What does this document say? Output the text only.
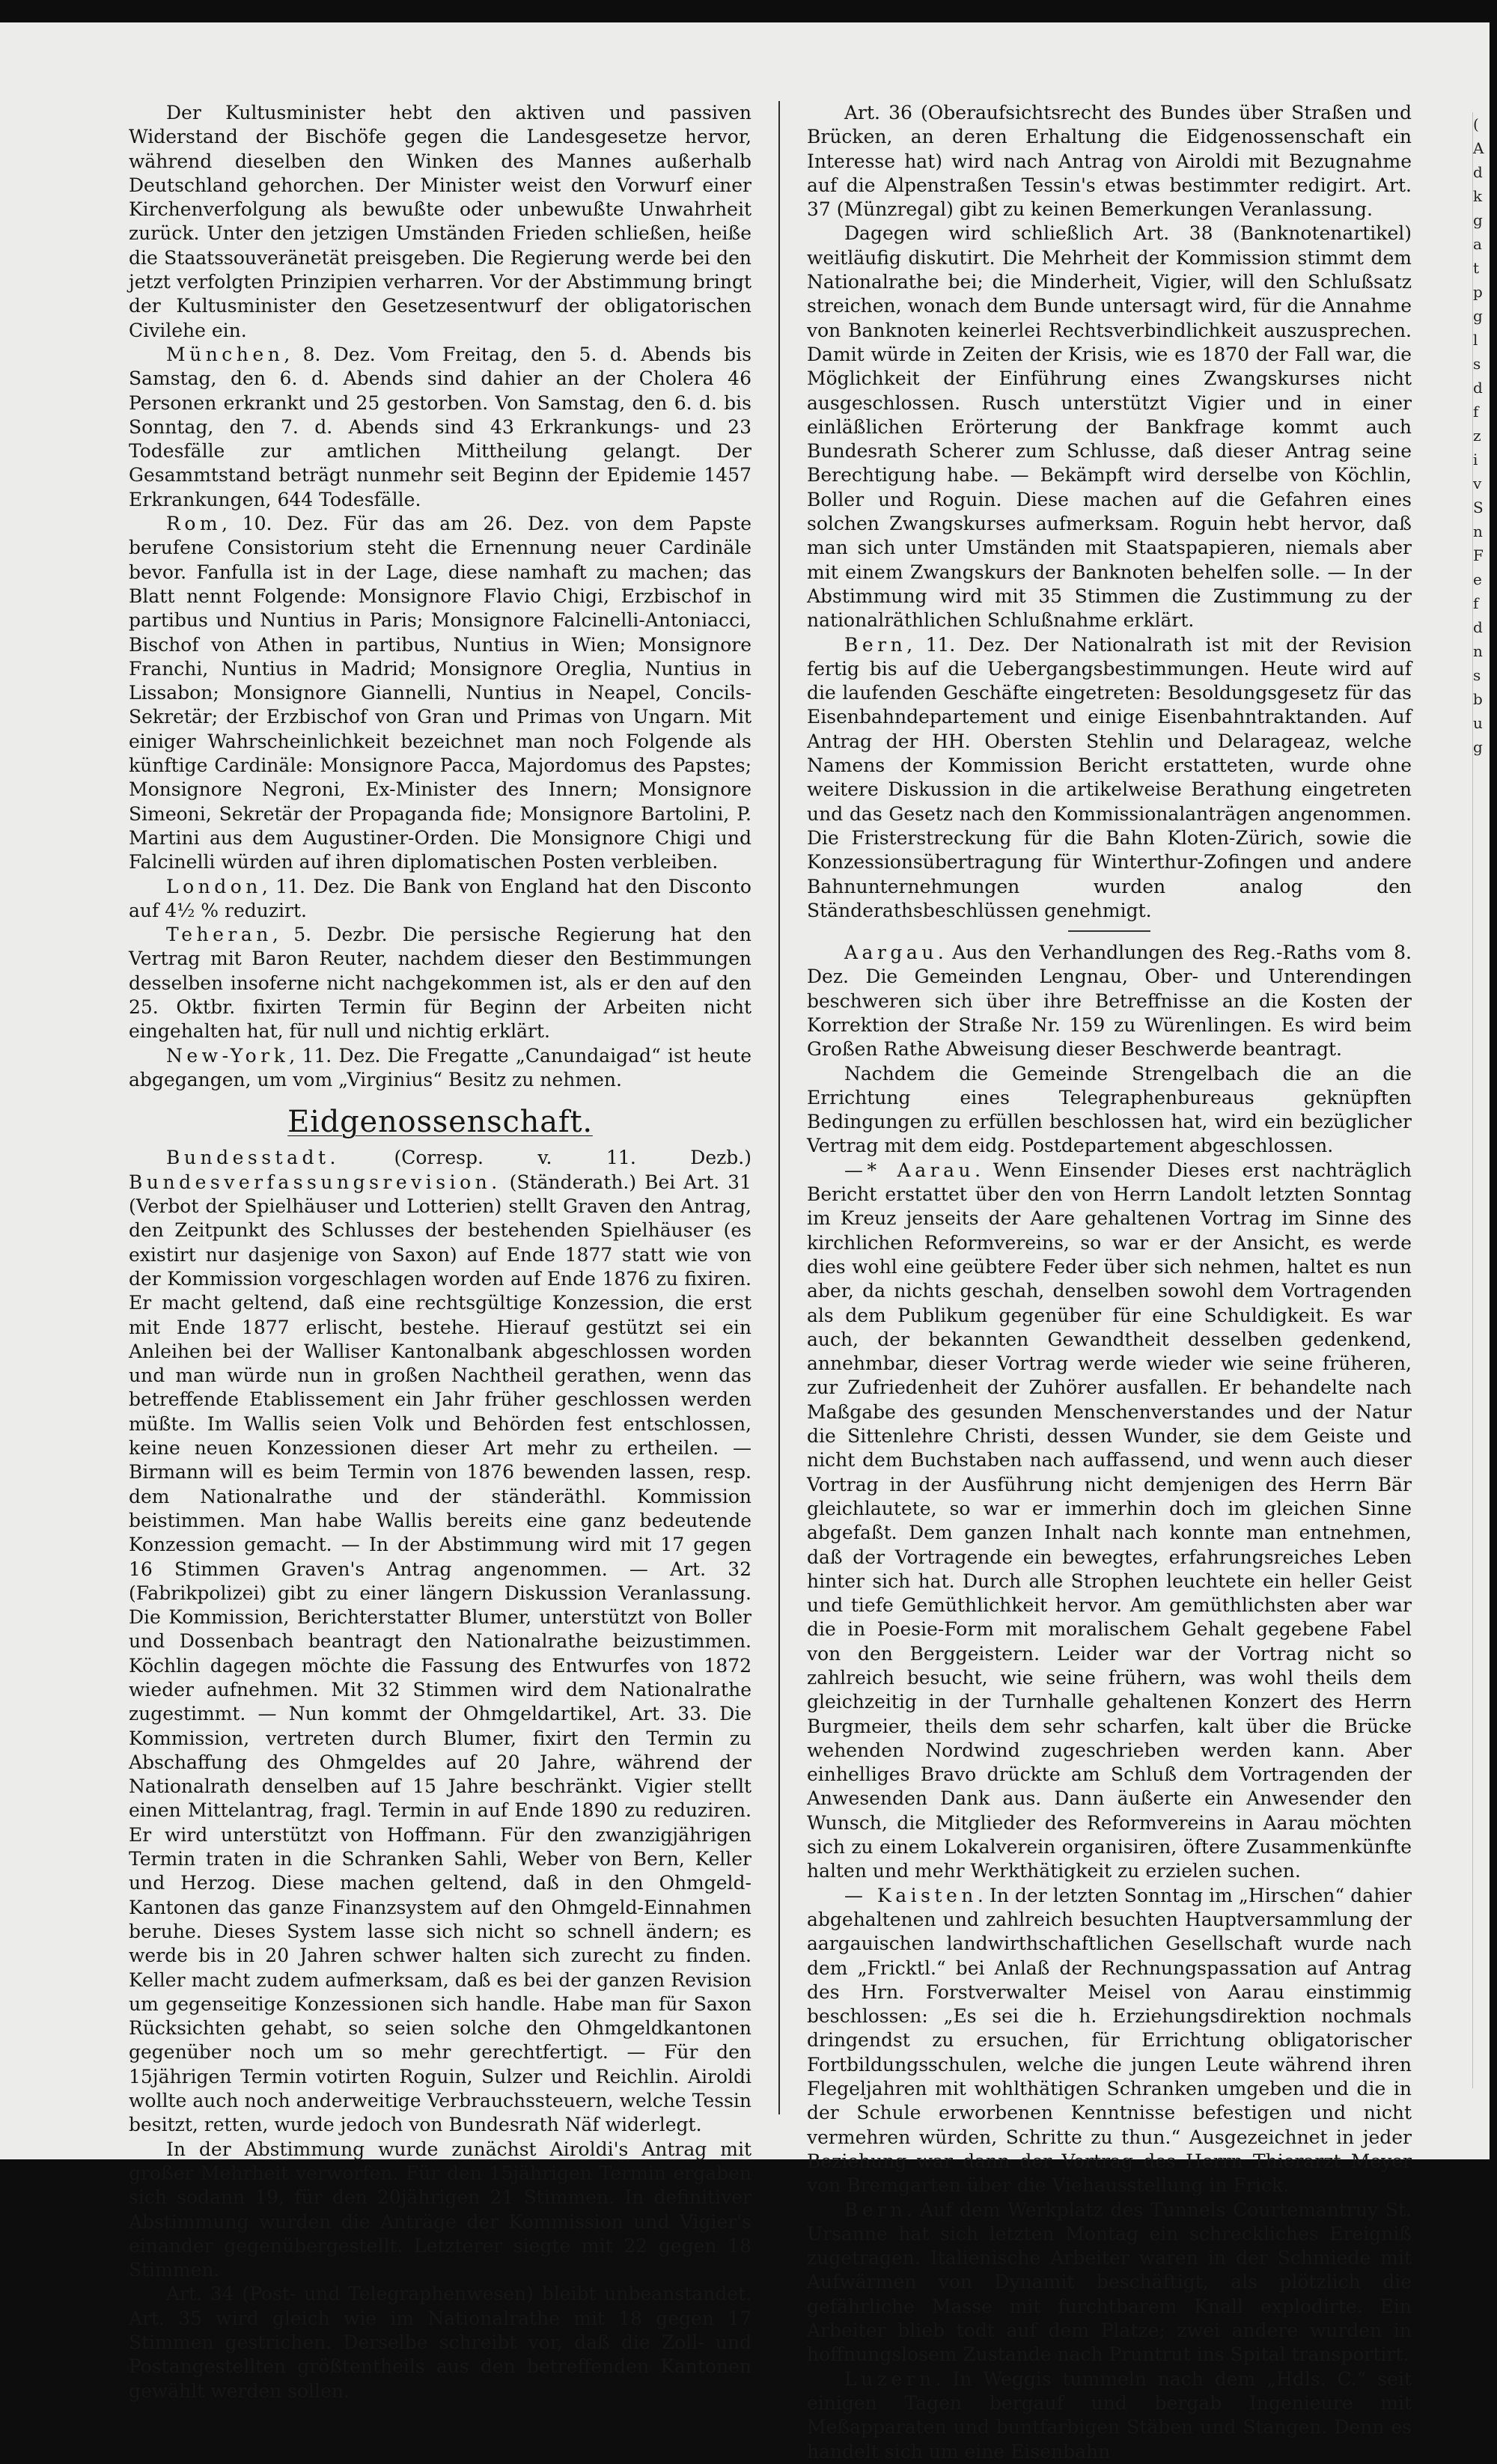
Der Kultusminister hebt den aktiven und passiven Widerstand der Bischöfe gegen die Landesgesetze hervor, während dieselben den Winken des Mannes außerhalb Deutschland gehorchen. Der Minister weist den Vorwurf einer Kirchenverfolgung als bewußte oder unbewußte Unwahrheit zurück. Unter den jetzigen Umständen Frieden schließen, heiße die Staatssouveränetät preisgeben. Die Regierung werde bei den jetzt verfolgten Prinzipien verharren. Vor der Abstimmung bringt der Kultusminister den Gesetzesentwurf der obligatorischen Civilehe ein.

München, 8. Dez. Vom Freitag, den 5. d. Abends bis Samstag, den 6. d. Abends sind dahier an der Cholera 46 Personen erkrankt und 25 gestorben. Von Samstag, den 6. d. bis Sonntag, den 7. d. Abends sind 43 Erkrankungs- und 23 Todesfälle zur amtlichen Mittheilung gelangt. Der Gesammtstand beträgt nunmehr seit Beginn der Epidemie 1457 Erkrankungen, 644 Todesfälle.

Rom, 10. Dez. Für das am 26. Dez. von dem Papste berufene Consistorium steht die Ernennung neuer Cardinäle bevor. Fanfulla ist in der Lage, diese namhaft zu machen; das Blatt nennt Folgende: Monsignore Flavio Chigi, Erzbischof in partibus und Nuntius in Paris; Monsignore Falcinelli-Antoniacci, Bischof von Athen in partibus, Nuntius in Wien; Monsignore Franchi, Nuntius in Madrid; Monsignore Oreglia, Nuntius in Lissabon; Monsignore Giannelli, Nuntius in Neapel, Concils-Sekretär; der Erzbischof von Gran und Primas von Ungarn. Mit einiger Wahrscheinlichkeit bezeichnet man noch Folgende als künftige Cardinäle: Monsignore Pacca, Majordomus des Papstes; Monsignore Negroni, Ex-Minister des Innern; Monsignore Simeoni, Sekretär der Propaganda fide; Monsignore Bartolini, P. Martini aus dem Augustiner-Orden. Die Monsignore Chigi und Falcinelli würden auf ihren diplomatischen Posten verbleiben.

London, 11. Dez. Die Bank von England hat den Disconto auf 4½ % reduzirt.

Teheran, 5. Dezbr. Die persische Regierung hat den Vertrag mit Baron Reuter, nachdem dieser den Bestimmungen desselben insoferne nicht nachgekommen ist, als er den auf den 25. Oktbr. fixirten Termin für Beginn der Arbeiten nicht eingehalten hat, für null und nichtig erklärt.

New-York, 11. Dez. Die Fregatte „Canundaigad“ ist heute abgegangen, um vom „Virginius“ Besitz zu nehmen.

Eidgenossenschaft.

Bundesstadt. (Corresp. v. 11. Dezb.) Bundesverfassungsrevision. (Ständerath.) Bei Art. 31 (Verbot der Spielhäuser und Lotterien) stellt Graven den Antrag, den Zeitpunkt des Schlusses der bestehenden Spielhäuser (es existirt nur dasjenige von Saxon) auf Ende 1877 statt wie von der Kommission vorgeschlagen worden auf Ende 1876 zu fixiren. Er macht geltend, daß eine rechtsgültige Konzession, die erst mit Ende 1877 erlischt, bestehe. Hierauf gestützt sei ein Anleihen bei der Walliser Kantonalbank abgeschlossen worden und man würde nun in großen Nachtheil gerathen, wenn das betreffende Etablissement ein Jahr früher geschlossen werden müßte. Im Wallis seien Volk und Behörden fest entschlossen, keine neuen Konzessionen dieser Art mehr zu ertheilen. — Birmann will es beim Termin von 1876 bewenden lassen, resp. dem Nationalrathe und der ständeräthl. Kommission beistimmen. Man habe Wallis bereits eine ganz bedeutende Konzession gemacht. — In der Abstimmung wird mit 17 gegen 16 Stimmen Graven's Antrag angenommen. — Art. 32 (Fabrikpolizei) gibt zu einer längern Diskussion Veranlassung. Die Kommission, Berichterstatter Blumer, unterstützt von Boller und Dossenbach beantragt den Nationalrathe beizustimmen. Köchlin dagegen möchte die Fassung des Entwurfes von 1872 wieder aufnehmen. Mit 32 Stimmen wird dem Nationalrathe zugestimmt. — Nun kommt der Ohmgeldartikel, Art. 33. Die Kommission, vertreten durch Blumer, fixirt den Termin zu Abschaffung des Ohmgeldes auf 20 Jahre, während der Nationalrath denselben auf 15 Jahre beschränkt. Vigier stellt einen Mittelantrag, fragl. Termin in auf Ende 1890 zu reduziren. Er wird unterstützt von Hoffmann. Für den zwanzigjährigen Termin traten in die Schranken Sahli, Weber von Bern, Keller und Herzog. Diese machen geltend, daß in den Ohmgeld-Kantonen das ganze Finanzsystem auf den Ohmgeld-Einnahmen beruhe. Dieses System lasse sich nicht so schnell ändern; es werde bis in 20 Jahren schwer halten sich zurecht zu finden. Keller macht zudem aufmerksam, daß es bei der ganzen Revision um gegenseitige Konzessionen sich handle. Habe man für Saxon Rücksichten gehabt, so seien solche den Ohmgeldkantonen gegenüber noch um so mehr gerechtfertigt. — Für den 15jährigen Termin votirten Roguin, Sulzer und Reichlin. Airoldi wollte auch noch anderweitige Verbrauchssteuern, welche Tessin besitzt, retten, wurde jedoch von Bundesrath Näf widerlegt.

In der Abstimmung wurde zunächst Airoldi's Antrag mit großer Mehrheit verworfen. Für den 15jährigen Termin ergaben sich sodann 19, für den 20jährigen 21 Stimmen. In definitiver Abstimmung wurden die Anträge der Kommission und Vigier's einander gegenübergestellt. Letzterer siegte mit 22 gegen 18 Stimmen.

Art. 34 (Post- und Telegraphenwesen) bleibt unbeanstandet. Art. 35 wird gleich wie im Nationalrathe mit 18 gegen 17 Stimmen gestrichen. Derselbe schreibt vor, daß die Zoll- und Postangestellten größtentheils aus den betreffenden Kantonen gewählt werden sollen.

Art. 36 (Oberaufsichtsrecht des Bundes über Straßen und Brücken, an deren Erhaltung die Eidgenossenschaft ein Interesse hat) wird nach Antrag von Airoldi mit Bezugnahme auf die Alpenstraßen Tessin's etwas bestimmter redigirt. Art. 37 (Münzregal) gibt zu keinen Bemerkungen Veranlassung.

Dagegen wird schließlich Art. 38 (Banknotenartikel) weitläufig diskutirt. Die Mehrheit der Kommission stimmt dem Nationalrathe bei; die Minderheit, Vigier, will den Schlußsatz streichen, wonach dem Bunde untersagt wird, für die Annahme von Banknoten keinerlei Rechtsverbindlichkeit auszusprechen. Damit würde in Zeiten der Krisis, wie es 1870 der Fall war, die Möglichkeit der Einführung eines Zwangskurses nicht ausgeschlossen. Rusch unterstützt Vigier und in einer einläßlichen Erörterung der Bankfrage kommt auch Bundesrath Scherer zum Schlusse, daß dieser Antrag seine Berechtigung habe. — Bekämpft wird derselbe von Köchlin, Boller und Roguin. Diese machen auf die Gefahren eines solchen Zwangskurses aufmerksam. Roguin hebt hervor, daß man sich unter Umständen mit Staatspapieren, niemals aber mit einem Zwangskurs der Banknoten behelfen solle. — In der Abstimmung wird mit 35 Stimmen die Zustimmung zu der nationalräthlichen Schlußnahme erklärt.

Bern, 11. Dez. Der Nationalrath ist mit der Revision fertig bis auf die Uebergangsbestimmungen. Heute wird auf die laufenden Geschäfte eingetreten: Besoldungsgesetz für das Eisenbahndepartement und einige Eisenbahntraktanden. Auf Antrag der HH. Obersten Stehlin und Delarageaz, welche Namens der Kommission Bericht erstatteten, wurde ohne weitere Diskussion in die artikelweise Berathung eingetreten und das Gesetz nach den Kommissionalanträgen angenommen. Die Fristerstreckung für die Bahn Kloten-Zürich, sowie die Konzessionsübertragung für Winterthur-Zofingen und andere Bahnunternehmungen wurden analog den Ständerathsbeschlüssen genehmigt.

Aargau. Aus den Verhandlungen des Reg.-Raths vom 8. Dez. Die Gemeinden Lengnau, Ober- und Unterendingen beschweren sich über ihre Betreffnisse an die Kosten der Korrektion der Straße Nr. 159 zu Würenlingen. Es wird beim Großen Rathe Abweisung dieser Beschwerde beantragt.

Nachdem die Gemeinde Strengelbach die an die Errichtung eines Telegraphenbureaus geknüpften Bedingungen zu erfüllen beschlossen hat, wird ein bezüglicher Vertrag mit dem eidg. Postdepartement abgeschlossen.

—* Aarau. Wenn Einsender Dieses erst nachträglich Bericht erstattet über den von Herrn Landolt letzten Sonntag im Kreuz jenseits der Aare gehaltenen Vortrag im Sinne des kirchlichen Reformvereins, so war er der Ansicht, es werde dies wohl eine geübtere Feder über sich nehmen, haltet es nun aber, da nichts geschah, denselben sowohl dem Vortragenden als dem Publikum gegenüber für eine Schuldigkeit. Es war auch, der bekannten Gewandtheit desselben gedenkend, annehmbar, dieser Vortrag werde wieder wie seine früheren, zur Zufriedenheit der Zuhörer ausfallen. Er behandelte nach Maßgabe des gesunden Menschenverstandes und der Natur die Sittenlehre Christi, dessen Wunder, sie dem Geiste und nicht dem Buchstaben nach auffassend, und wenn auch dieser Vortrag in der Ausführung nicht demjenigen des Herrn Bär gleichlautete, so war er immerhin doch im gleichen Sinne abgefaßt. Dem ganzen Inhalt nach konnte man entnehmen, daß der Vortragende ein bewegtes, erfahrungsreiches Leben hinter sich hat. Durch alle Strophen leuchtete ein heller Geist und tiefe Gemüthlichkeit hervor. Am gemüthlichsten aber war die in Poesie-Form mit moralischem Gehalt gegebene Fabel von den Berggeistern. Leider war der Vortrag nicht so zahlreich besucht, wie seine frühern, was wohl theils dem gleichzeitig in der Turnhalle gehaltenen Konzert des Herrn Burgmeier, theils dem sehr scharfen, kalt über die Brücke wehenden Nordwind zugeschrieben werden kann. Aber einhelliges Bravo drückte am Schluß dem Vortragenden der Anwesenden Dank aus. Dann äußerte ein Anwesender den Wunsch, die Mitglieder des Reformvereins in Aarau möchten sich zu einem Lokalverein organisiren, öftere Zusammenkünfte halten und mehr Werkthätigkeit zu erzielen suchen.

— Kaisten. In der letzten Sonntag im „Hirschen“ dahier abgehaltenen und zahlreich besuchten Hauptversammlung der aargauischen landwirthschaftlichen Gesellschaft wurde nach dem „Fricktl.“ bei Anlaß der Rechnungspassation auf Antrag des Hrn. Forstverwalter Meisel von Aarau einstimmig beschlossen: „Es sei die h. Erziehungsdirektion nochmals dringendst zu ersuchen, für Errichtung obligatorischer Fortbildungsschulen, welche die jungen Leute während ihren Flegeljahren mit wohlthätigen Schranken umgeben und die in der Schule erworbenen Kenntnisse befestigen und nicht vermehren würden, Schritte zu thun.“ Ausgezeichnet in jeder Beziehung war dann der Vortrag des Herrn Thierarzt Meyer von Bremgarten über die Viehausstellung in Frick.

Bern. Auf dem Werkplatz des Tunnels Courtemantruy St. Ursanne hat sich letzten Montag ein schreckliches Ereigniß zugetragen. Italienische Arbeiter waren in der Schmiede mit Aufwärmen von Dynamit beschäftigt, als plötzlich die gefährliche Masse mit furchtbarem Knall explodirte. Ein Arbeiter blieb todt auf dem Platze; zwei andere wurden in hoffnungslosem Zustande nach Pruntrut ins Spital transportirt.

Luzern. In Weggis tummeln nach dem „Hdls. C.“ seit einigen Tagen bergauf und bergab Ingenieure mit Meßapparaten und buntfarbigen Stäben und Stangen. Denn es handelt sich um eine Eisenbahn

( A d k g a t p g l s d f z i v S n F e f d n s b u g
